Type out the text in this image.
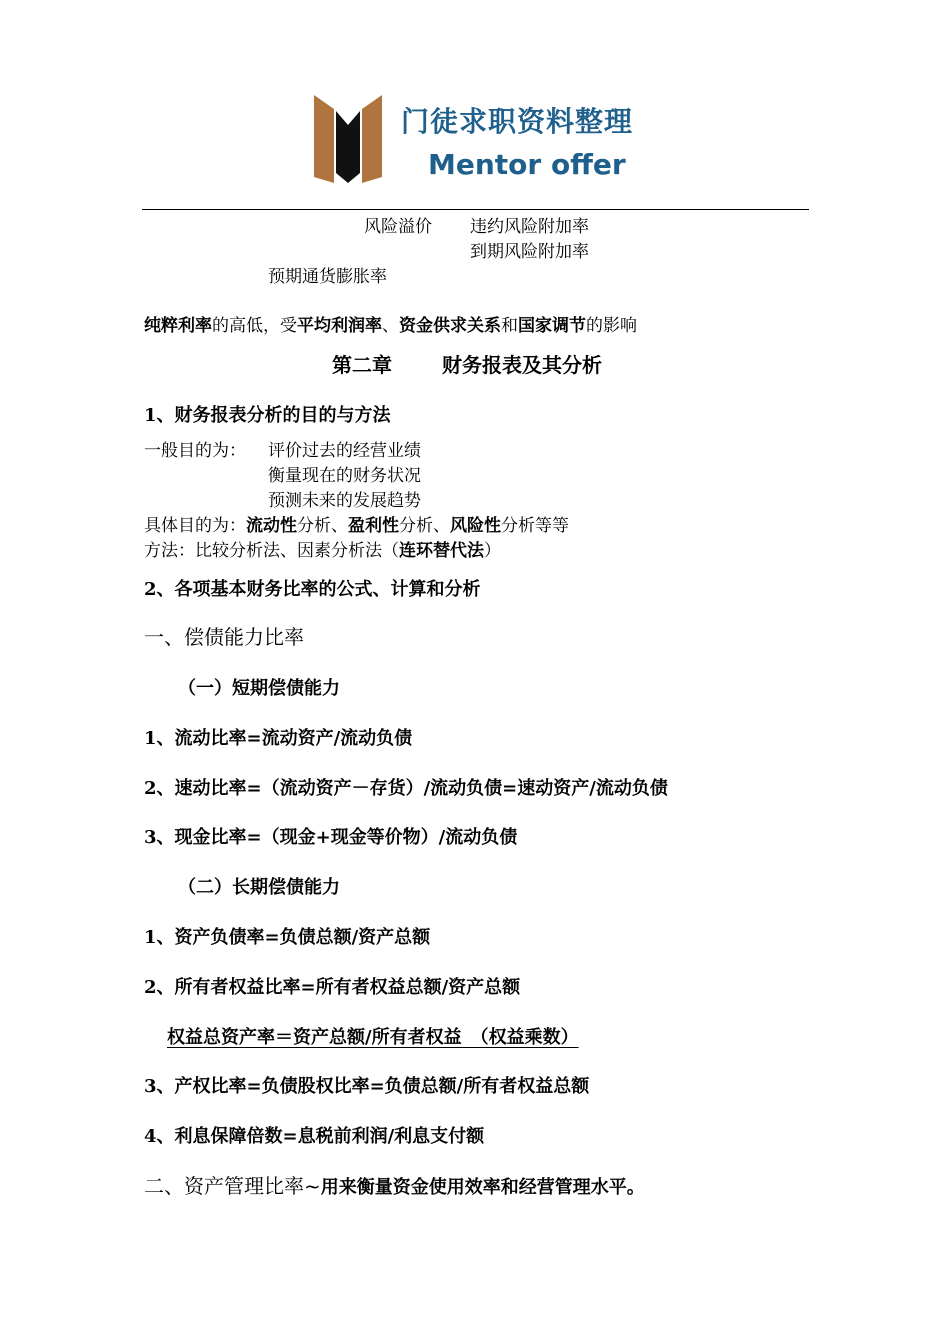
门徒求职资料整理
Mentor offer
风险溢价 违约风险附加率
到期风险附加率
预期通货膨胀率
纯粹利率的高低，受平均利润率、资金供求关系和国家调节的影响
第二章	财务报表及其分析
1、财务报表分析的目的与方法
一般目的为： 评价过去的经营业绩
衡量现在的财务状况
预测未来的发展趋势
具体目的为：流动性分析、盈利性分析、风险性分析等等
方法：比较分析法、因素分析法（连环替代法）
2、各项基本财务比率的公式、计算和分析
一、偿债能力比率
（一）短期偿债能力
1、流动比率=流动资产/流动负债
2、速动比率=（流动资产－存货）/流动负债=速动资产/流动负债
3、现金比率=（现金+现金等价物）/流动负债
（二）长期偿债能力
1、资产负债率=负债总额/资产总额
2、所有者权益比率=所有者权益总额/资产总额
权益总资产率＝资产总额/所有者权益　（权益乘数）
3、产权比率=负债股权比率=负债总额/所有者权益总额
4、利息保障倍数=息税前利润/利息支付额
二、资产管理比率~用来衡量资金使用效率和经营管理水平。
